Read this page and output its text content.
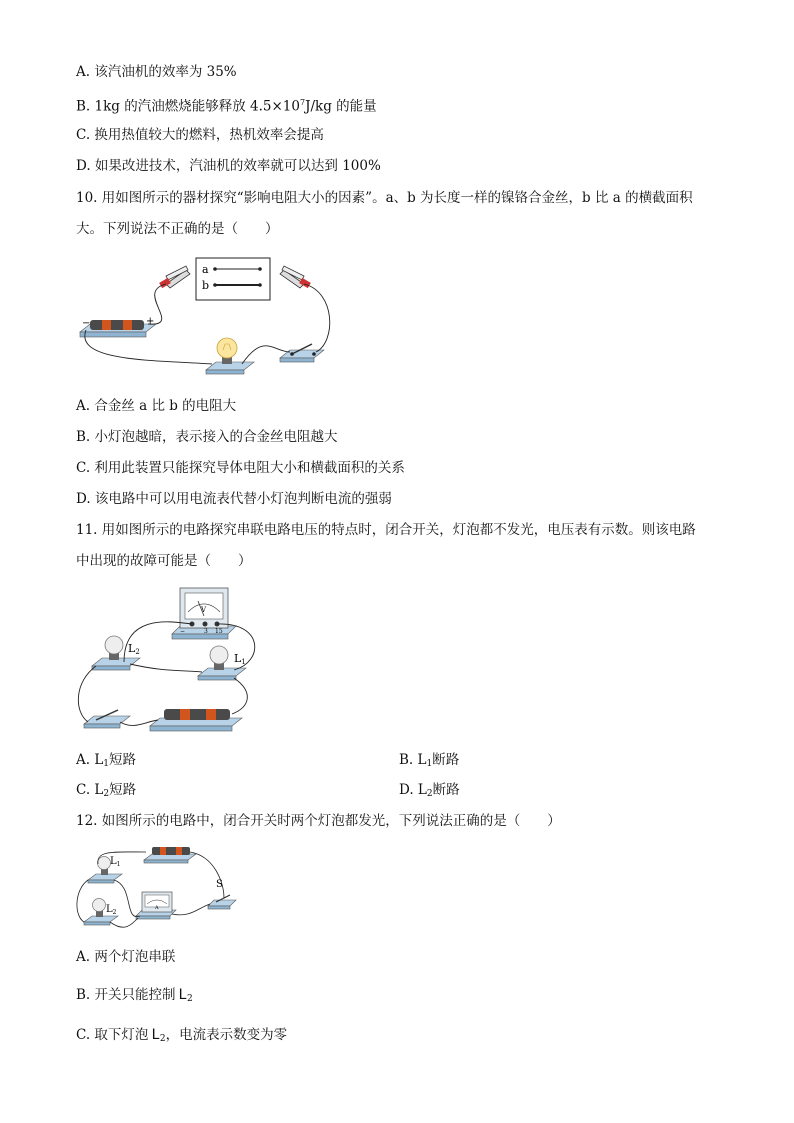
A. 该汽油机的效率为 35%
B. 1kg 的汽油燃烧能够释放 $4.5\times 10^7J/kg$ 的能量
C. 换用热值较大的燃料，热机效率会提高
D. 如果改进技术，汽油机的效率就可以达到 100%
10. 用如图所示的器材探究“影响电阻大小的因素”。a、b 为长度一样的镍铬合金丝，b 比 a 的横截面积
大。下列说法不正确的是（　　）
a
b
−	+
A. 合金丝 a 比 b 的电阻大
B. 小灯泡越暗，表示接入的合金丝电阻越大
C. 利用此装置只能探究导体电阻大小和横截面积的关系
D. 该电路中可以用电流表代替小灯泡判断电流的强弱
11. 用如图所示的电路探究串联电路电压的特点时，闭合开关，灯泡都不发光，电压表有示数。则该电路
中出现的故障可能是（　　）
V
−	3 15
L2	L1
A. $L_1$短路	B. $L_1$断路
C. $L_2$短路	D. $L_2$断路
12. 如图所示的电路中，闭合开关时两个灯泡都发光，下列说法正确的是（　　）
$L_1$
$L_2$
A
S
A. 两个灯泡串联
B. 开关只能控制 $L_2$
C. 取下灯泡 $L_2$，电流表示数变为零
